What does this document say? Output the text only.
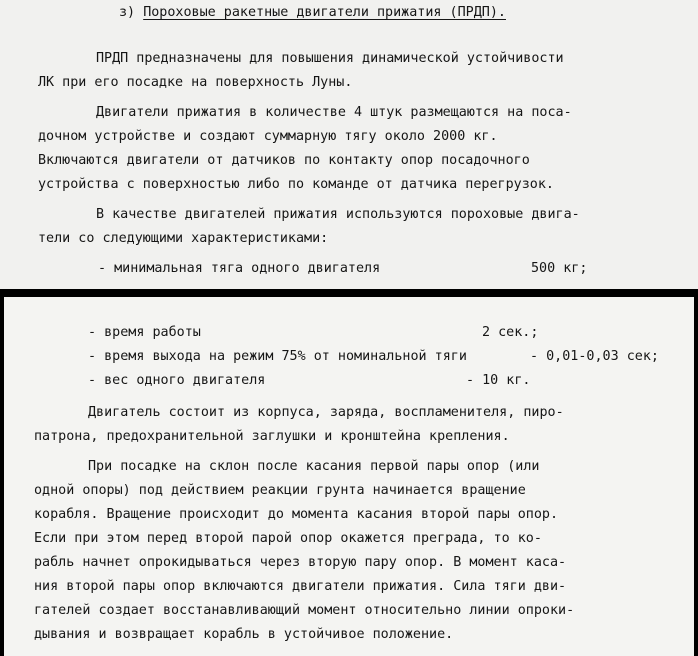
з) Пороховые ракетные двигатели прижатия (ПРДП).
ПРДП предназначены для повышения динамической устойчивости
ЛК при его посадке на поверхность Луны.
Двигатели прижатия в количестве 4 штук размещаются на поса-
дочном устройстве и создают суммарную тягу около 2000 кг.
Включаются двигатели от датчиков по контакту опор посадочного
устройства с поверхностью либо по команде от датчика перегрузок.
В качестве двигателей прижатия используются пороховые двига-
тели со следующими характеристиками:
- минимальная тяга одного двигателя	500 кг;
- время работы	2 сек.;
- время выхода на режим 75% от номинальной тяги	- 0,01-0,03 сек;
- вес одного двигателя	- 10 кг.
Двигатель состоит из корпуса, заряда, воспламенителя, пиро-
патрона, предохранительной заглушки и кронштейна крепления.
При посадке на склон после касания первой пары опор (или
одной опоры) под действием реакции грунта начинается вращение
корабля. Вращение происходит до момента касания второй пары опор.
Если при этом перед второй парой опор окажется преграда, то ко-
рабль начнет опрокидываться через вторую пару опор. В момент каса-
ния второй пары опор включаются двигатели прижатия. Сила тяги дви-
гателей создает восстанавливающий момент относительно линии опроки-
дывания и возвращает корабль в устойчивое положение.
